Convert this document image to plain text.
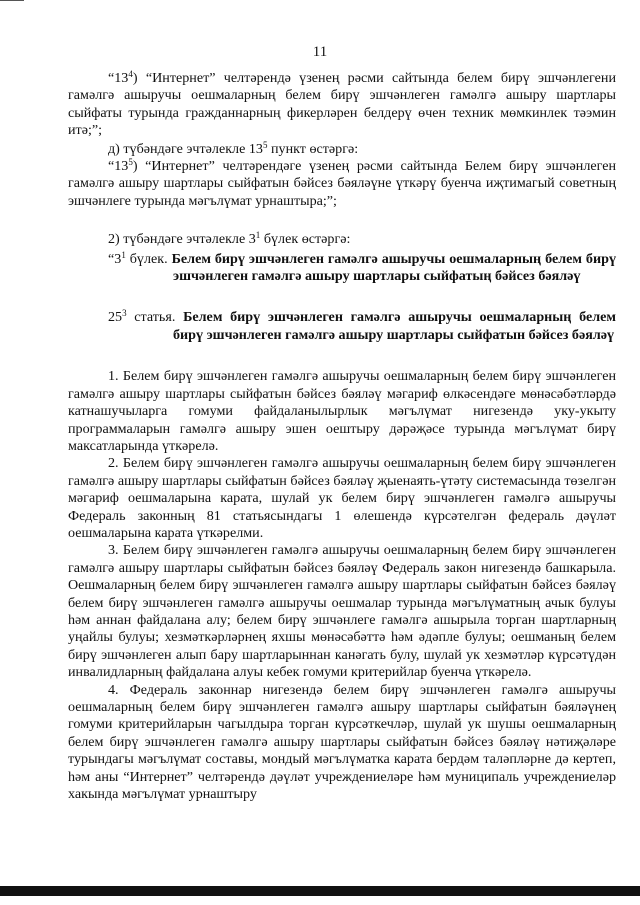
11

“$13^4$) “Интернет” челтәрендә үзенең рәсми сайтында белем бирү эшчәнлегени гамәлгә ашыручы оешмаларның белем бирү эшчәнлеген гамәлгә ашыру шартлары сыйфаты турында гражданнарның фикерләрен белдерү өчен техник мөмкинлек тәэмин итә;”;

д) түбәндәге эчтәлекле $13^5$ пункт өстәргә:

“$13^5$) “Интернет” челтәрендәге үзенең рәсми сайтында Белем бирү эшчәнлеген гамәлгә ашыру шартлары сыйфатын бәйсез бәяләүне үткәрү буенча иҗтимагый советның эшчәнлеге турында мәгълүмат урнаштыра;”;

2) түбәндәге эчтәлекле $3^1$ бүлек өстәргә:

“$3^1$ бүлек. Белем бирү эшчәнлеген гамәлгә ашыручы оешмаларның белем бирү эшчәнлеген гамәлгә ашыру шартлары сыйфатың бәйсез бәяләү

$25^3$ статья. Белем бирү эшчәнлеген гамәлгә ашыручы оешмаларның белем бирү эшчәнлеген гамәлгә ашыру шартлары сыйфатын бәйсез бәяләү

1. Белем бирү эшчәнлеген гамәлгә ашыручы оешмаларның белем бирү эшчәнлеген гамәлгә ашыру шартлары сыйфатын бәйсез бәяләү мәгариф өлкәсендәге мөнәсәбәтләрдә катнашучыларга гомуми файдаланылырлык мәгълүмат нигезендә уку-укыту программаларын гамәлгә ашыру эшен оештыру дәрәҗәсе турында мәгълүмат бирү максатларында үткәрелә.

2. Белем бирү эшчәнлеген гамәлгә ашыручы оешмаларның белем бирү эшчәнлеген гамәлгә ашыру шартлары сыйфатын бәйсез бәяләү җыенаять-үтәту системасында төзелгән мәгариф оешмаларына карата, шулай ук белем бирү эшчәнлеген гамәлгә ашыручы Федераль законның 81 статьясындагы 1 өлешендә күрсәтелгән федераль дәүләт оешмаларына карата үткәрелми.

3. Белем бирү эшчәнлеген гамәлгә ашыручы оешмаларның белем бирү эшчәнлеген гамәлгә ашыру шартлары сыйфатын бәйсез бәяләү Федераль закон нигезендә башкарыла. Оешмаларның белем бирү эшчәнлеген гамәлгә ашыру шартлары сыйфатын бәйсез бәяләү белем бирү эшчәнлеген гамәлгә ашыручы оешмалар турында мәгълүматның ачык булуы һәм аннан файдалана алу; белем бирү эшчәнлеге гамәлгә ашырыла торган шартларның уңайлы булуы; хезмәткәрләрнең яхшы мөнәсәбәттә һәм әдәпле булуы; оешманың белем бирү эшчәнлеген алып бару шартларыннан канәгать булу, шулай ук хезмәтләр күрсәтүдән инвалидларның файдалана алуы кебек гомуми критерийлар буенча үткәрелә.

4. Федераль законнар нигезендә белем бирү эшчәнлеген гамәлгә ашыручы оешмаларның белем бирү эшчәнлеген гамәлгә ашыру шартлары сыйфатын бәяләүнең гомуми критерийларын чагылдыра торган күрсәткечләр, шулай ук шушы оешмаларның белем бирү эшчәнлеген гамәлгә ашыру шартлары сыйфатын бәйсез бәяләү нәтиҗәләре турындагы мәгълүмат составы, мондый мәгълүматка карата бердәм таләпләрне дә кертеп, һәм аны “Интернет” челтәрендә дәүләт учреждениеләре һәм муниципаль учреждениеләр хакында мәгълүмат урнаштыру
